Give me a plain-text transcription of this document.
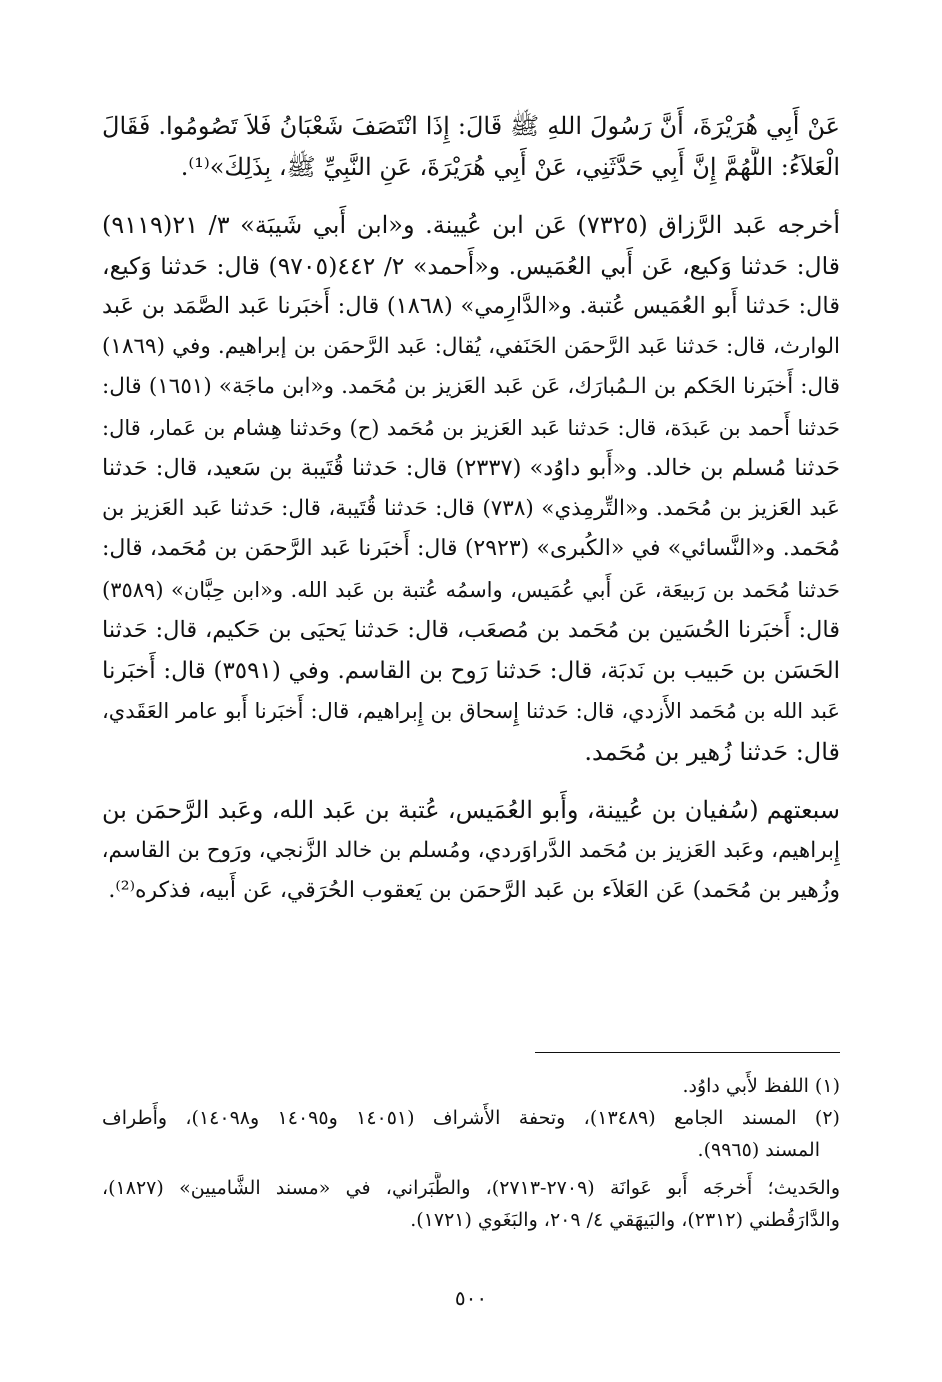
عَنْ أَبِي هُرَيْرَةَ، أَنَّ رَسُولَ اللهِ ﷺ قَالَ: إِذَا انْتَصَفَ شَعْبَانُ فَلاَ تَصُومُوا. فَقَالَ
الْعَلاَءُ: اللَّهُمَّ إِنَّ أَبِي حَدَّثَنِي، عَنْ أَبِي هُرَيْرَةَ، عَنِ النَّبِيِّ ﷺ، بِذَلِكَ»⁽¹⁾.
أخرجه عَبد الرَّزاق (٧٣٢٥) عَن ابن عُيينة. و«ابن أَبي شَيبَة» ٣/ ٢١(٩١١٩)
قال: حَدثنا وَكيع، عَن أَبي العُمَيس. و«أَحمد» ٢/ ٤٤٢(٩٧٠٥) قال: حَدثنا وَكيع،
قال: حَدثنا أَبو العُمَيس عُتبة. و«الدَّارِمي» (١٨٦٨) قال: أَخبَرنا عَبد الصَّمَد بن عَبد
الوارث، قال: حَدثنا عَبد الرَّحمَن الحَنَفي، يُقال: عَبد الرَّحمَن بن إبراهيم. وفي (١٨٦٩)
قال: أَخبَرنا الحَكم بن الـمُبارَك، عَن عَبد العَزيز بن مُحَمد. و«ابن ماجَة» (١٦٥١) قال:
حَدثنا أَحمد بن عَبدَة، قال: حَدثنا عَبد العَزيز بن مُحَمد (ح) وحَدثنا هِشام بن عَمار، قال:
حَدثنا مُسلم بن خالد. و«أَبو داوُد» (٢٣٣٧) قال: حَدثنا قُتَيبة بن سَعيد، قال: حَدثنا
عَبد العَزيز بن مُحَمد. و«التِّرمِذي» (٧٣٨) قال: حَدثنا قُتَيبة، قال: حَدثنا عَبد العَزيز بن
مُحَمد. و«النَّسائي» في «الكُبرى» (٢٩٢٣) قال: أَخبَرنا عَبد الرَّحمَن بن مُحَمد، قال:
حَدثنا مُحَمد بن رَبيعَة، عَن أَبي عُمَيس، واسمُه عُتبة بن عَبد الله. و«ابن حِبَّان» (٣٥٨٩)
قال: أَخبَرنا الحُسَين بن مُحَمد بن مُصعَب، قال: حَدثنا يَحيَى بن حَكيم، قال: حَدثنا
الحَسَن بن حَبيب بن نَدبَة، قال: حَدثنا رَوح بن القاسم. وفي (٣٥٩١) قال: أَخبَرنا
عَبد الله بن مُحَمد الأَزدي، قال: حَدثنا إِسحاق بن إِبراهيم، قال: أَخبَرنا أَبو عامر العَقَدي،
قال: حَدثنا زُهير بن مُحَمد.
سبعتهم (سُفيان بن عُيينة، وأَبو العُمَيس، عُتبة بن عَبد الله، وعَبد الرَّحمَن بن
إِبراهيم، وعَبد العَزيز بن مُحَمد الدَّراوَردي، ومُسلم بن خالد الزَّنجي، ورَوح بن القاسم،
وزُهير بن مُحَمد) عَن العَلاَء بن عَبد الرَّحمَن بن يَعقوب الحُرَقي، عَن أَبيه، فذكره⁽²⁾.
(١) اللفظ لأَبي داوُد.
(٢) المسند الجامع (١٣٤٨٩)، وتحفة الأَشراف (١٤٠٥١ و١٤٠٩٥ و١٤٠٩٨)، وأَطراف
المسند (٩٩٦٥).
والحَديث؛ أَخرجَه أَبو عَوانَة (٢٧٠٩-٢٧١٣)، والطَّبَراني، في «مسند الشَّاميين» (١٨٢٧)،
والدَّارَقُطني (٢٣١٢)، والبَيهَقي ٤/ ٢٠٩، والبَغَوي (١٧٢١).
٥٠٠
